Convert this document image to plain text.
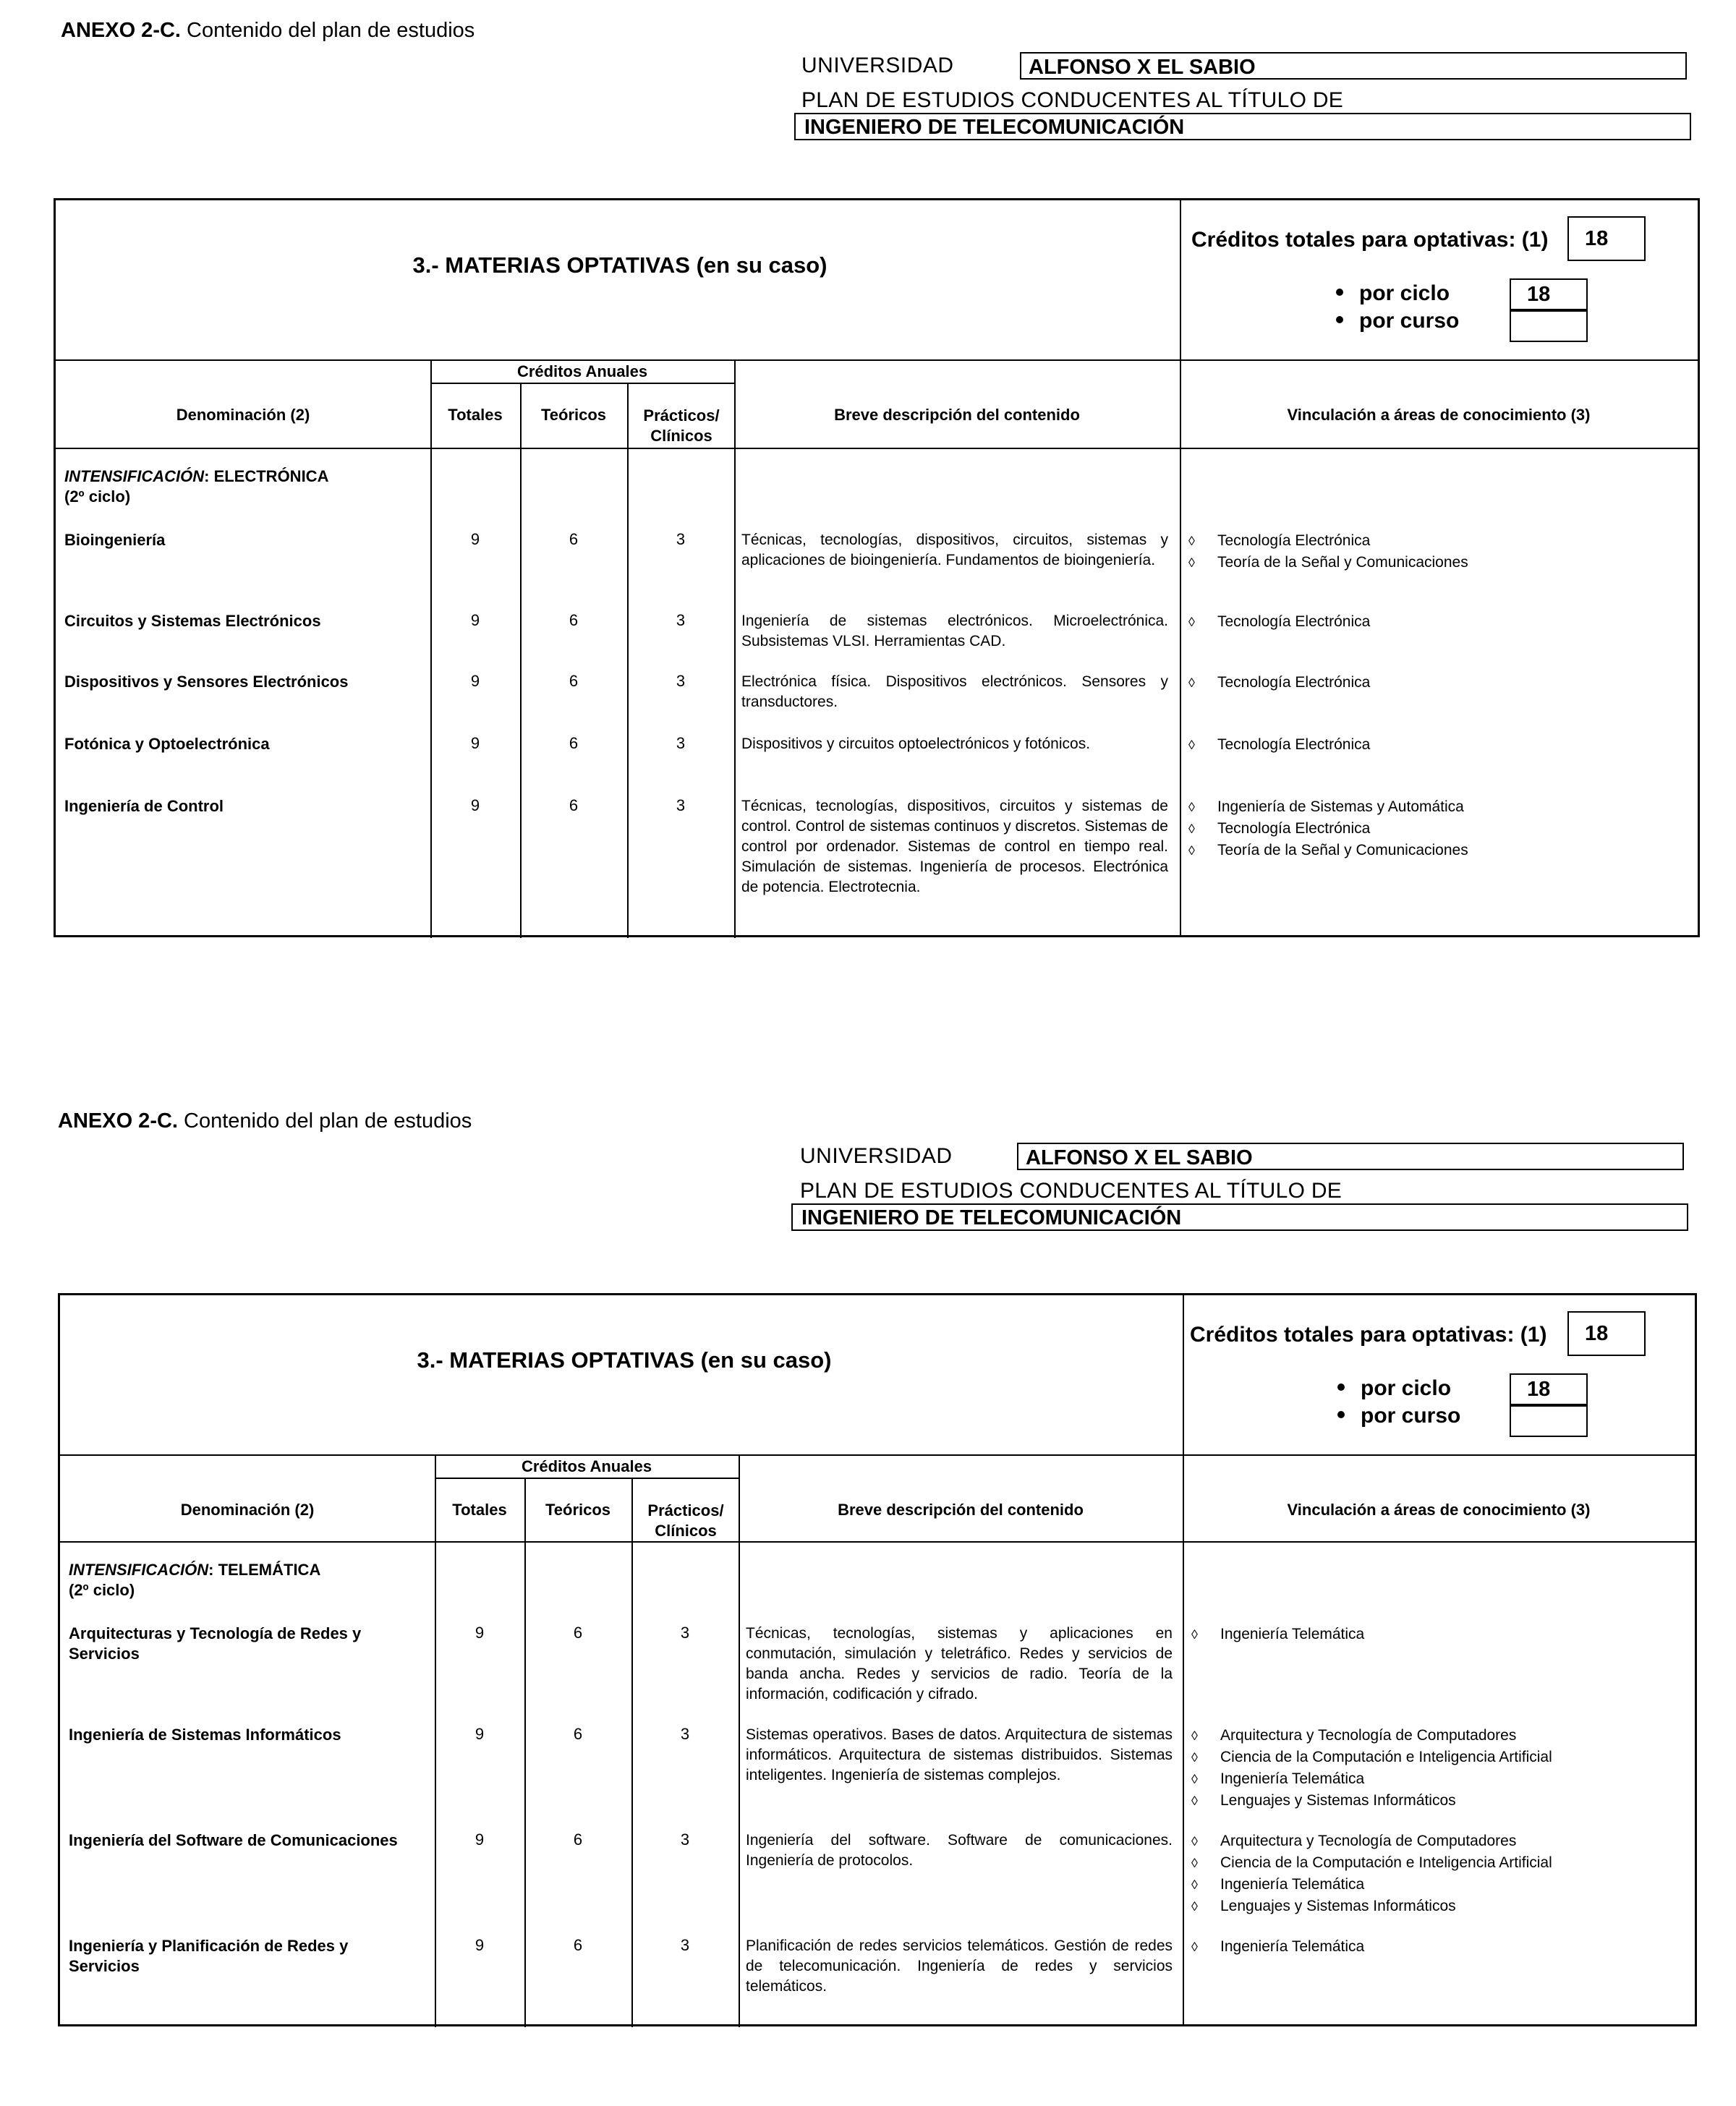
ANEXO 2-C. Contenido del plan de estudios
UNIVERSIDAD	ALFONSO X EL SABIO
PLAN DE ESTUDIOS CONDUCENTES AL TÍTULO DE
INGENIERO DE TELECOMUNICACIÓN
3.- MATERIAS OPTATIVAS (en su caso)
Créditos totales para optativas: (1)	18
por ciclo	18
por curso
Créditos Anuales
Denominación (2)	Totales	Teóricos	Prácticos/ Clínicos
Breve descripción del contenido	Vinculación a áreas de conocimiento (3)
INTENSIFICACIÓN: ELECTRÓNICA
(2º ciclo)
Bioingeniería	9	6	3	Técnicas, tecnologías, dispositivos, circuitos, sistemas y aplicaciones de bioingeniería. Fundamentos de bioingeniería.
◊ Tecnología Electrónica
◊ Teoría de la Señal y Comunicaciones
Circuitos y Sistemas Electrónicos	9	6	3	Ingeniería de sistemas electrónicos. Microelectrónica. Subsistemas VLSI. Herramientas CAD.
◊ Tecnología Electrónica
Dispositivos y Sensores Electrónicos	9	6	3	Electrónica física. Dispositivos electrónicos. Sensores y transductores.
◊ Tecnología Electrónica
Fotónica y Optoelectrónica	9	6	3	Dispositivos y circuitos optoelectrónicos y fotónicos.	◊ Tecnología Electrónica
Ingeniería de Control	9	6	3	Técnicas, tecnologías, dispositivos, circuitos y sistemas de control. Control de sistemas continuos y discretos. Sistemas de control por ordenador. Sistemas de control en tiempo real. Simulación de sistemas. Ingeniería de procesos. Electrónica de potencia. Electrotecnia.
◊ Ingeniería de Sistemas y Automática
◊ Tecnología Electrónica
◊ Teoría de la Señal y Comunicaciones
ANEXO 2-C. Contenido del plan de estudios
UNIVERSIDAD	ALFONSO X EL SABIO
PLAN DE ESTUDIOS CONDUCENTES AL TÍTULO DE
INGENIERO DE TELECOMUNICACIÓN
3.- MATERIAS OPTATIVAS (en su caso)
Créditos totales para optativas: (1)	18
por ciclo	18
por curso
Créditos Anuales
Denominación (2)	Totales	Teóricos	Prácticos/ Clínicos
Breve descripción del contenido	Vinculación a áreas de conocimiento (3)
INTENSIFICACIÓN: TELEMÁTICA
(2º ciclo)
Arquitecturas y Tecnología de Redes y Servicios
9	6	3	Técnicas, tecnologías, sistemas y aplicaciones en conmutación, simulación y teletráfico. Redes y servicios de banda ancha. Redes y servicios de radio. Teoría de la información, codificación y cifrado.
◊ Ingeniería Telemática
Ingeniería de Sistemas Informáticos	9	6	3	Sistemas operativos. Bases de datos. Arquitectura de sistemas informáticos. Arquitectura de sistemas distribuidos. Sistemas inteligentes. Ingeniería de sistemas complejos.
◊ Arquitectura y Tecnología de Computadores
◊ Ciencia de la Computación e Inteligencia Artificial
◊ Ingeniería Telemática
◊ Lenguajes y Sistemas Informáticos
Ingeniería del Software de Comunicaciones	9	6	3	Ingeniería del software. Software de comunicaciones. Ingeniería de protocolos.
◊ Arquitectura y Tecnología de Computadores
◊ Ciencia de la Computación e Inteligencia Artificial
◊ Ingeniería Telemática
◊ Lenguajes y Sistemas Informáticos
Ingeniería y Planificación de Redes y Servicios
9	6	3	Planificación de redes servicios telemáticos. Gestión de redes de telecomunicación. Ingeniería de redes y servicios telemáticos.
◊ Ingeniería Telemática
